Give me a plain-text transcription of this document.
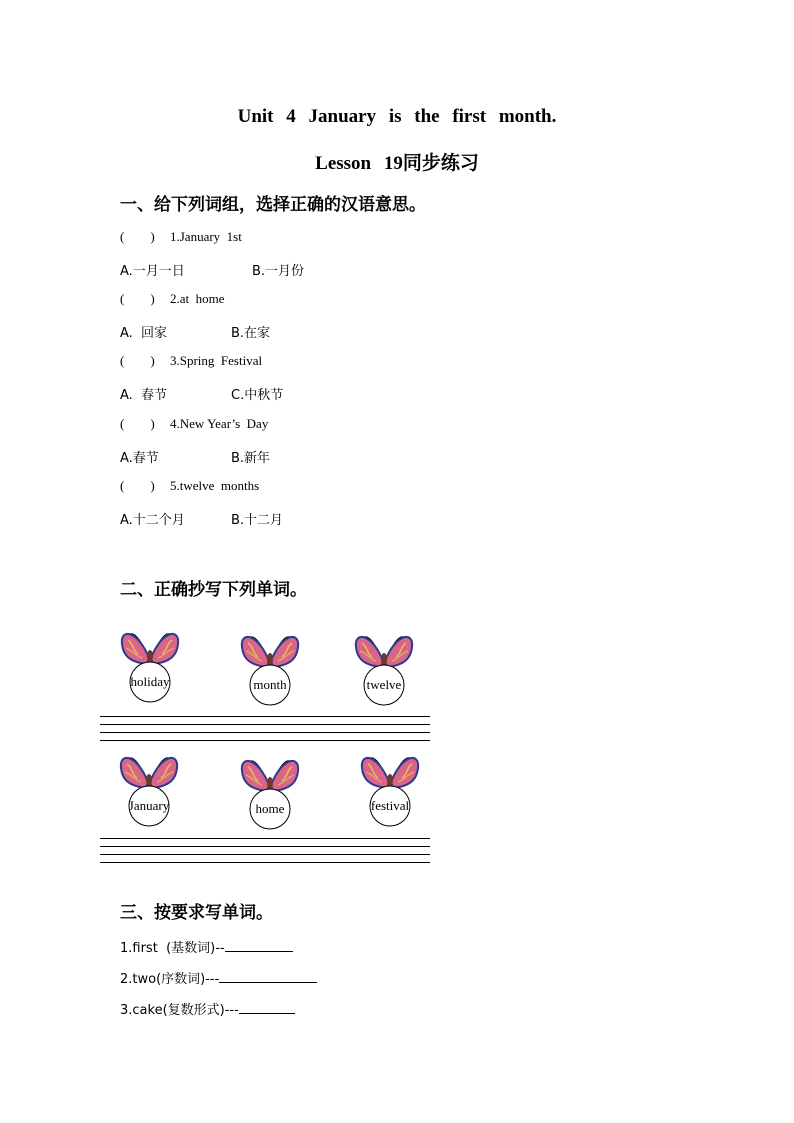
Unit 4 January is the first month.
Lesson 19同步练习
一、给下列词组，选择正确的汉语意思。
(        ) 1.January  1st
A.一月一日	B.一月份
(        ) 2.at  home
A.  回家	B.在家
(        ) 3.Spring  Festival
A.  春节	C.中秋节
(        ) 4.New Year’s  Day
A.春节	B.新年
(        ) 5.twelve  months
A.十二个月	B.十二月
二、正确抄写下列单词。
holiday	month	twelve
January	home	festival
三、按要求写单词。
1.first  (基数词)--
2.two(序数词)---
3.cake(复数形式)---
